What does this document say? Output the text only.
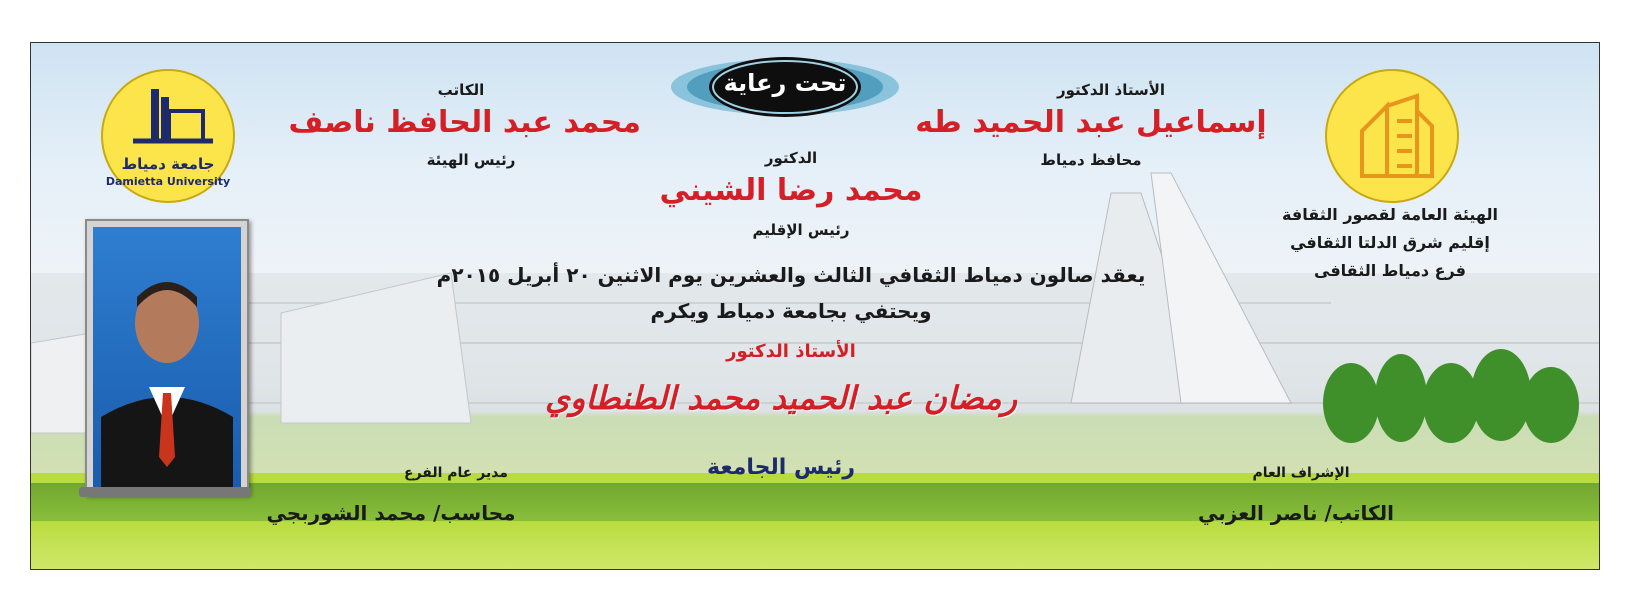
جامعة دمياط
Damietta University
الهيئة العامة لقصور الثقافة
إقليم شرق الدلتا الثقافي
فرع دمياط الثقافى
تحت رعاية	الأستاذ الدكتور
إسماعيل عبد الحميد طه
محافظ دمياط
الكاتب
محمد عبد الحافظ ناصف
رئيس الهيئة	الدكتور
محمد رضا الشيني
رئيس الإقليم
يعقد صالون دمياط الثقافي الثالث والعشرين يوم الاثنين ٢٠ أبريل ٢٠١٥م
ويحتفي بجامعة دمياط ويكرم
الأستاذ الدكتور
رمضان عبد الحميد محمد الطنطاوي
رئيس الجامعة	الإشراف العام
الكاتب/ ناصر العزبي
مدير عام الفرع
محاسب/ محمد الشوربجي
